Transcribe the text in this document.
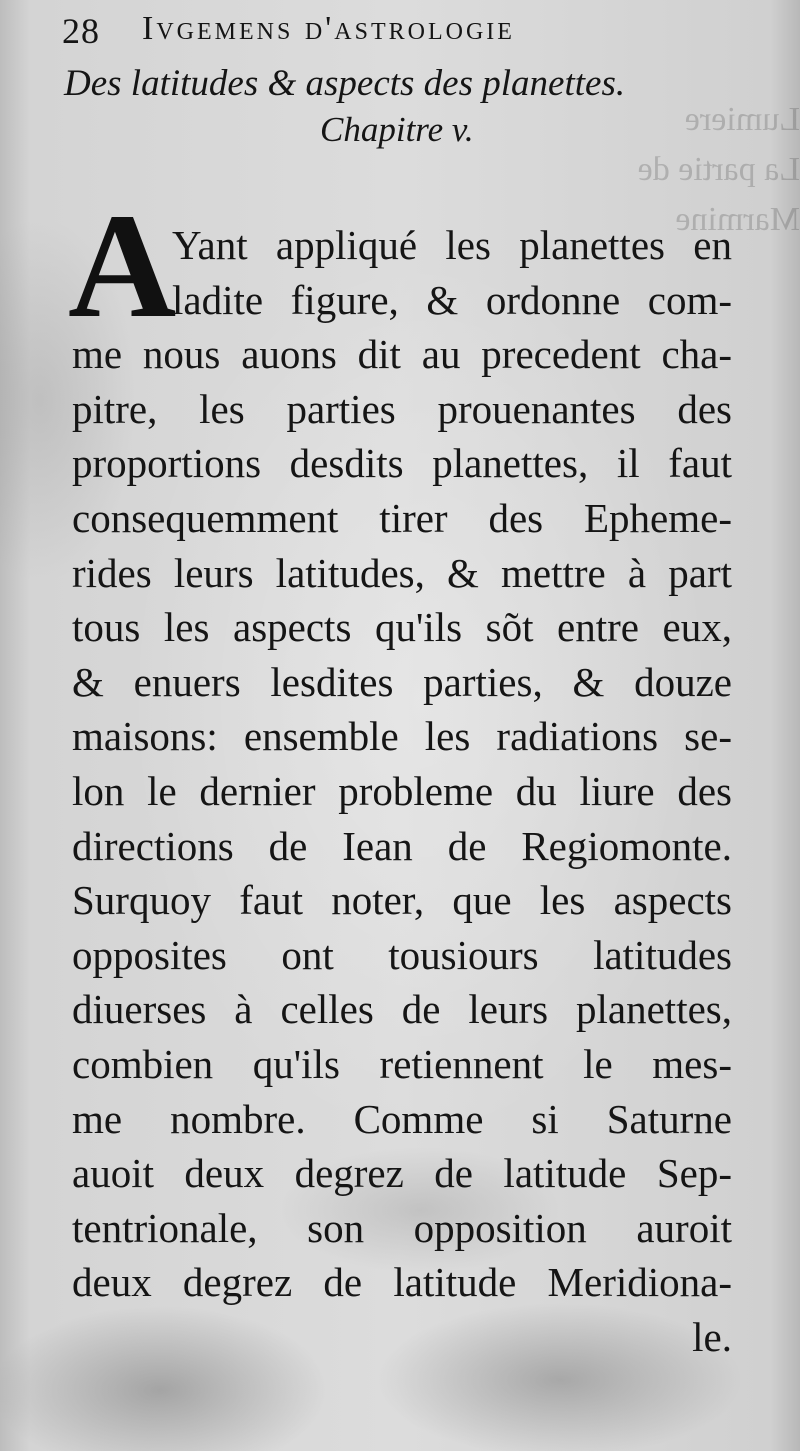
Lumiere
La partie de
Marmine
28 Ivgemens d'astrologie
Des latitudes & aspects des planettes.
Chapitre v.
A
Yant appliqué les planettes en
ladite figure, & ordonne com-
me nous auons dit au precedent cha-
pitre, les parties prouenantes des
proportions desdits planettes, il faut
consequemment tirer des Epheme-
rides leurs latitudes, & mettre à part
tous les aspects qu'ils sõt entre eux,
& enuers lesdites parties, & douze
maisons: ensemble les radiations se-
lon le dernier probleme du liure des
directions de Iean de Regiomonte.
Surquoy faut noter, que les aspects
opposites ont tousiours latitudes
diuerses à celles de leurs planettes,
combien qu'ils retiennent le mes-
me nombre. Comme si Saturne
auoit deux degrez de latitude Sep-
tentrionale, son opposition auroit
deux degrez de latitude Meridiona-
le.
